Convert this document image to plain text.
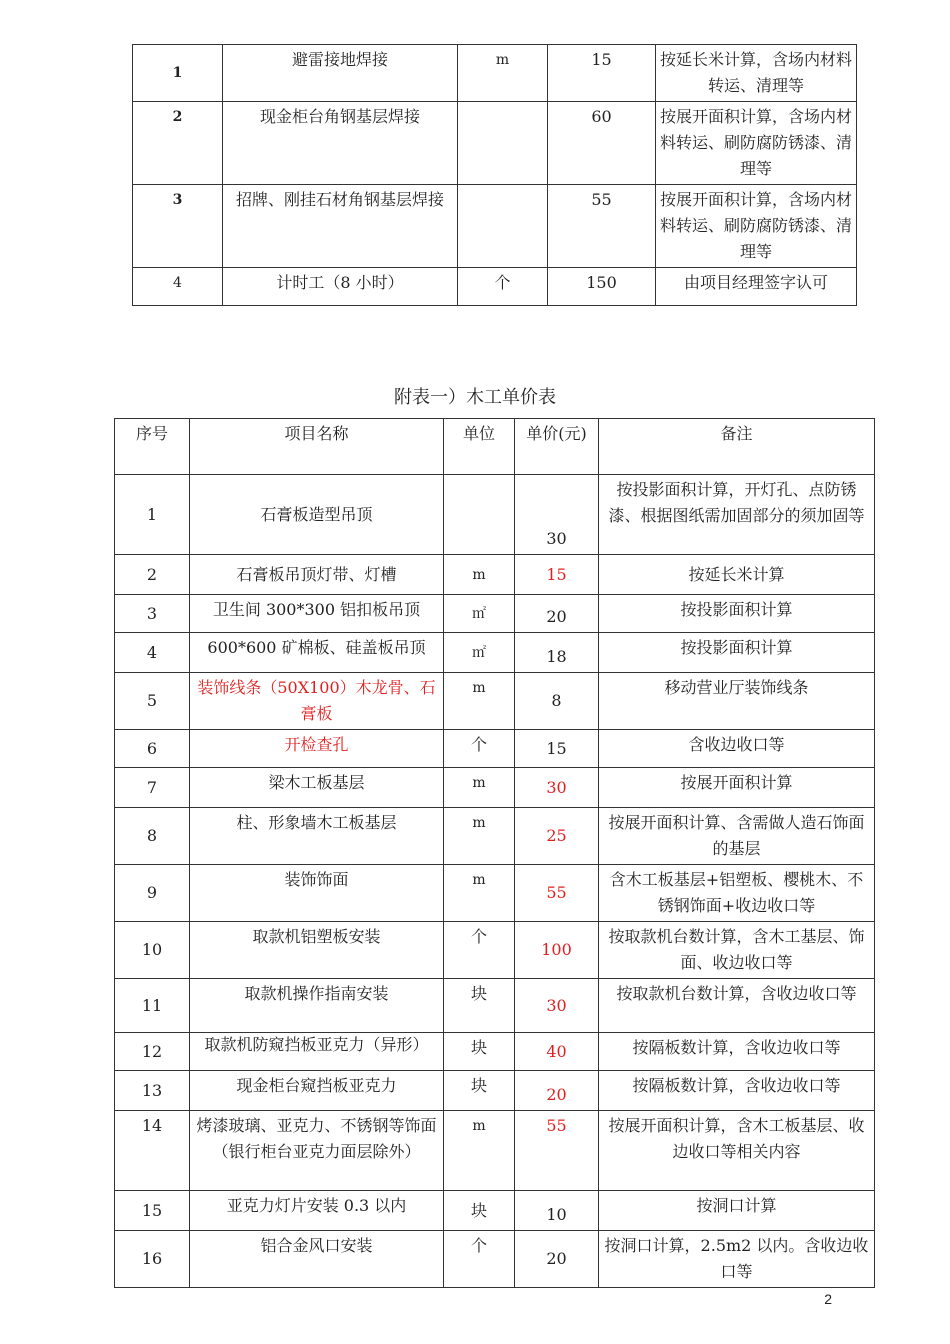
1	避雷接地焊接	m	15	按延长米计算，含场内材料转运、清理等
2	现金柜台角钢基层焊接		60	按展开面积计算，含场内材料转运、刷防腐防锈漆、清理等
3	招牌、刚挂石材角钢基层焊接		55	按展开面积计算，含场内材料转运、刷防腐防锈漆、清理等
4	计时工（8 小时）	个	150	由项目经理签字认可
附表一）木工单价表
序号	项目名称	单位	单价(元)	备注
1	石膏板造型吊顶		30	按投影面积计算，开灯孔、点防锈漆、根据图纸需加固部分的须加固等
2	石膏板吊顶灯带、灯槽	m	15	按延长米计算
3	卫生间 300*300 铝扣板吊顶	㎡	20	按投影面积计算
4	600*600 矿棉板、硅盖板吊顶	㎡	18	按投影面积计算
5	装饰线条（50X100）木龙骨、石膏板	m	8	移动营业厅装饰线条
6	开检查孔	个	15	含收边收口等
7	梁木工板基层	m	30	按展开面积计算
8	柱、形象墙木工板基层	m	25	按展开面积计算、含需做人造石饰面的基层
9	装饰饰面	m	55	含木工板基层+铝塑板、樱桃木、不锈钢饰面+收边收口等
10	取款机铝塑板安装	个	100	按取款机台数计算，含木工基层、饰面、收边收口等
11	取款机操作指南安装	块	30	按取款机台数计算，含收边收口等
12	取款机防窥挡板亚克力（异形）	块	40	按隔板数计算，含收边收口等
13	现金柜台窥挡板亚克力	块	20	按隔板数计算，含收边收口等
14	烤漆玻璃、亚克力、不锈钢等饰面（银行柜台亚克力面层除外）	m	55	按展开面积计算，含木工板基层、收边收口等相关内容
15	亚克力灯片安装 0.3 以内	块	10	按洞口计算
16	铝合金风口安装	个	20	按洞口计算，2.5m2 以内。含收边收口等
2
